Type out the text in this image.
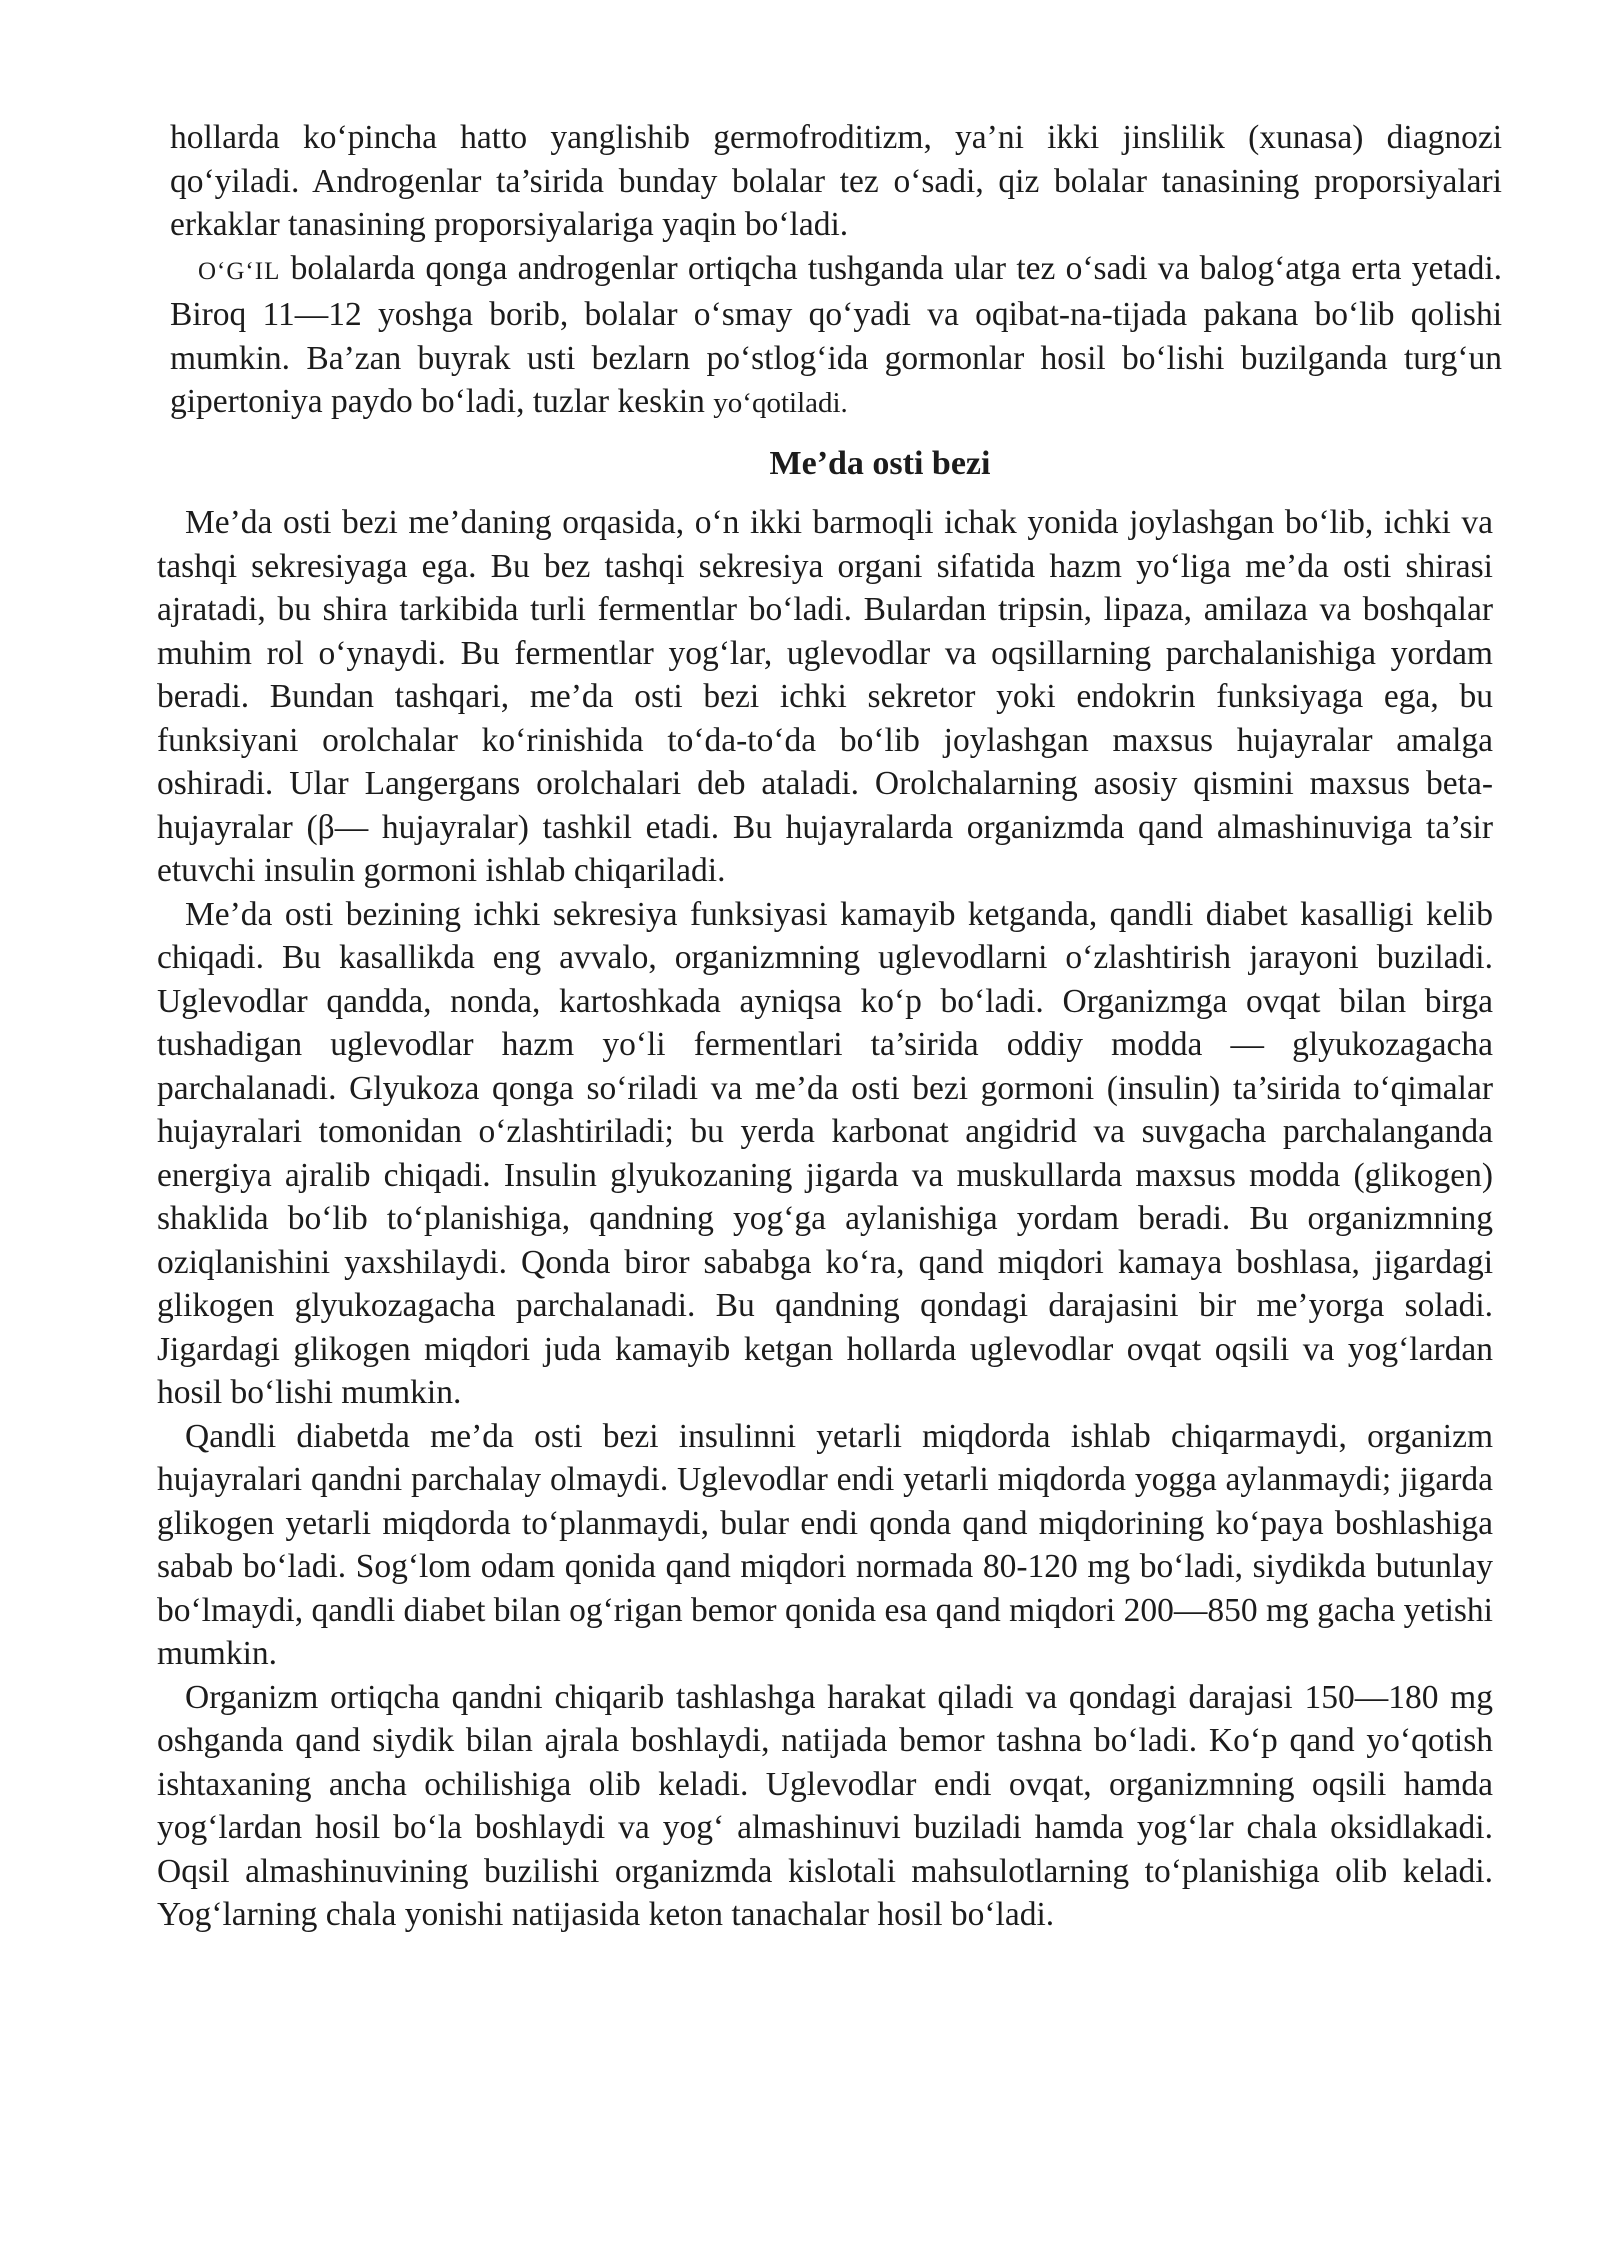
hollarda ko‘pincha hatto yanglishib germofroditizm, ya’ni ikki jinslilik (xunasa) diagnozi qo‘yiladi. Androgenlar ta’sirida bunday bolalar tez o‘sadi, qiz bolalar tanasining proporsiyalari erkaklar tanasining proporsiyalariga yaqin bo‘ladi.

O‘G‘IL bolalarda qonga androgenlar ortiqcha tushganda ular tez o‘sadi va balog‘atga erta yetadi. Biroq 11—12 yoshga borib, bolalar o‘smay qo‘yadi va oqibat-na-tijada pakana bo‘lib qolishi mumkin. Ba’zan buyrak usti bezlarn po‘stlog‘ida gormonlar hosil bo‘lishi buzilganda turg‘un gipertoniya paydo bo‘ladi, tuzlar keskin yo‘qotiladi.

Me’da osti bezi

Me’da osti bezi me’daning orqasida, o‘n ikki barmoqli ichak yonida joylashgan bo‘lib, ichki va tashqi sekresiyaga ega. Bu bez tashqi sekresiya organi sifatida hazm yo‘liga me’da osti shirasi ajratadi, bu shira tarkibida turli fermentlar bo‘ladi. Bulardan tripsin, lipaza, amilaza va boshqalar muhim rol o‘ynaydi. Bu fermentlar yog‘lar, uglevodlar va oqsillarning parchalanishiga yordam beradi. Bundan tashqari, me’da osti bezi ichki sekretor yoki endokrin funksiyaga ega, bu funksiyani orolchalar ko‘rinishida to‘da-to‘da bo‘lib joylashgan maxsus hujayralar amalga oshiradi. Ular Langergans orolchalari deb ataladi. Orolchalarning asosiy qismini maxsus beta-hujayralar (β— hujayralar) tashkil etadi. Bu hujayralarda organizmda qand almashinuviga ta’sir etuvchi insulin gormoni ishlab chiqariladi.

Me’da osti bezining ichki sekresiya funksiyasi kamayib ketganda, qandli diabet kasalligi kelib chiqadi. Bu kasallikda eng avvalo, organizmning uglevodlarni o‘zlashtirish jarayoni buziladi. Uglevodlar qandda, nonda, kartoshkada ayniqsa ko‘p bo‘ladi. Organizmga ovqat bilan birga tushadigan uglevodlar hazm yo‘li fermentlari ta’sirida oddiy modda — glyukozagacha parchalanadi. Glyukoza qonga so‘riladi va me’da osti bezi gormoni (insulin) ta’sirida to‘qimalar hujayralari tomonidan o‘zlashtiriladi; bu yerda karbonat angidrid va suvgacha parchalanganda energiya ajralib chiqadi. Insulin glyukozaning jigarda va muskullarda maxsus modda (glikogen) shaklida bo‘lib to‘planishiga, qandning yog‘ga aylanishiga yordam beradi. Bu organizmning oziqlanishini yaxshilaydi. Qonda biror sababga ko‘ra, qand miqdori kamaya boshlasa, jigardagi glikogen glyukozagacha parchalanadi. Bu qandning qondagi darajasini bir me’yorga soladi. Jigardagi glikogen miqdori juda kamayib ketgan hollarda uglevodlar ovqat oqsili va yog‘lardan hosil bo‘lishi mumkin.

Qandli diabetda me’da osti bezi insulinni yetarli miqdorda ishlab chiqarmaydi, organizm hujayralari qandni parchalay olmaydi. Uglevodlar endi yetarli miqdorda yogga aylanmaydi; jigarda glikogen yetarli miqdorda to‘planmaydi, bular endi qonda qand miqdorining ko‘paya boshlashiga sabab bo‘ladi. Sog‘lom odam qonida qand miqdori normada 80-120 mg bo‘ladi, siydikda butunlay bo‘lmaydi, qandli diabet bilan og‘rigan bemor qonida esa qand miqdori 200—850 mg gacha yetishi mumkin.

Organizm ortiqcha qandni chiqarib tashlashga harakat qiladi va qondagi darajasi 150—180 mg oshganda qand siydik bilan ajrala boshlaydi, natijada bemor tashna bo‘ladi. Ko‘p qand yo‘qotish ishtaxaning ancha ochilishiga olib keladi. Uglevodlar endi ovqat, organizmning oqsili hamda yog‘lardan hosil bo‘la boshlaydi va yog‘ almashinuvi buziladi hamda yog‘lar chala oksidlakadi. Oqsil almashinuvining buzilishi organizmda kislotali mahsulotlarning to‘planishiga olib keladi. Yog‘larning chala yonishi natijasida keton tanachalar hosil bo‘ladi.
